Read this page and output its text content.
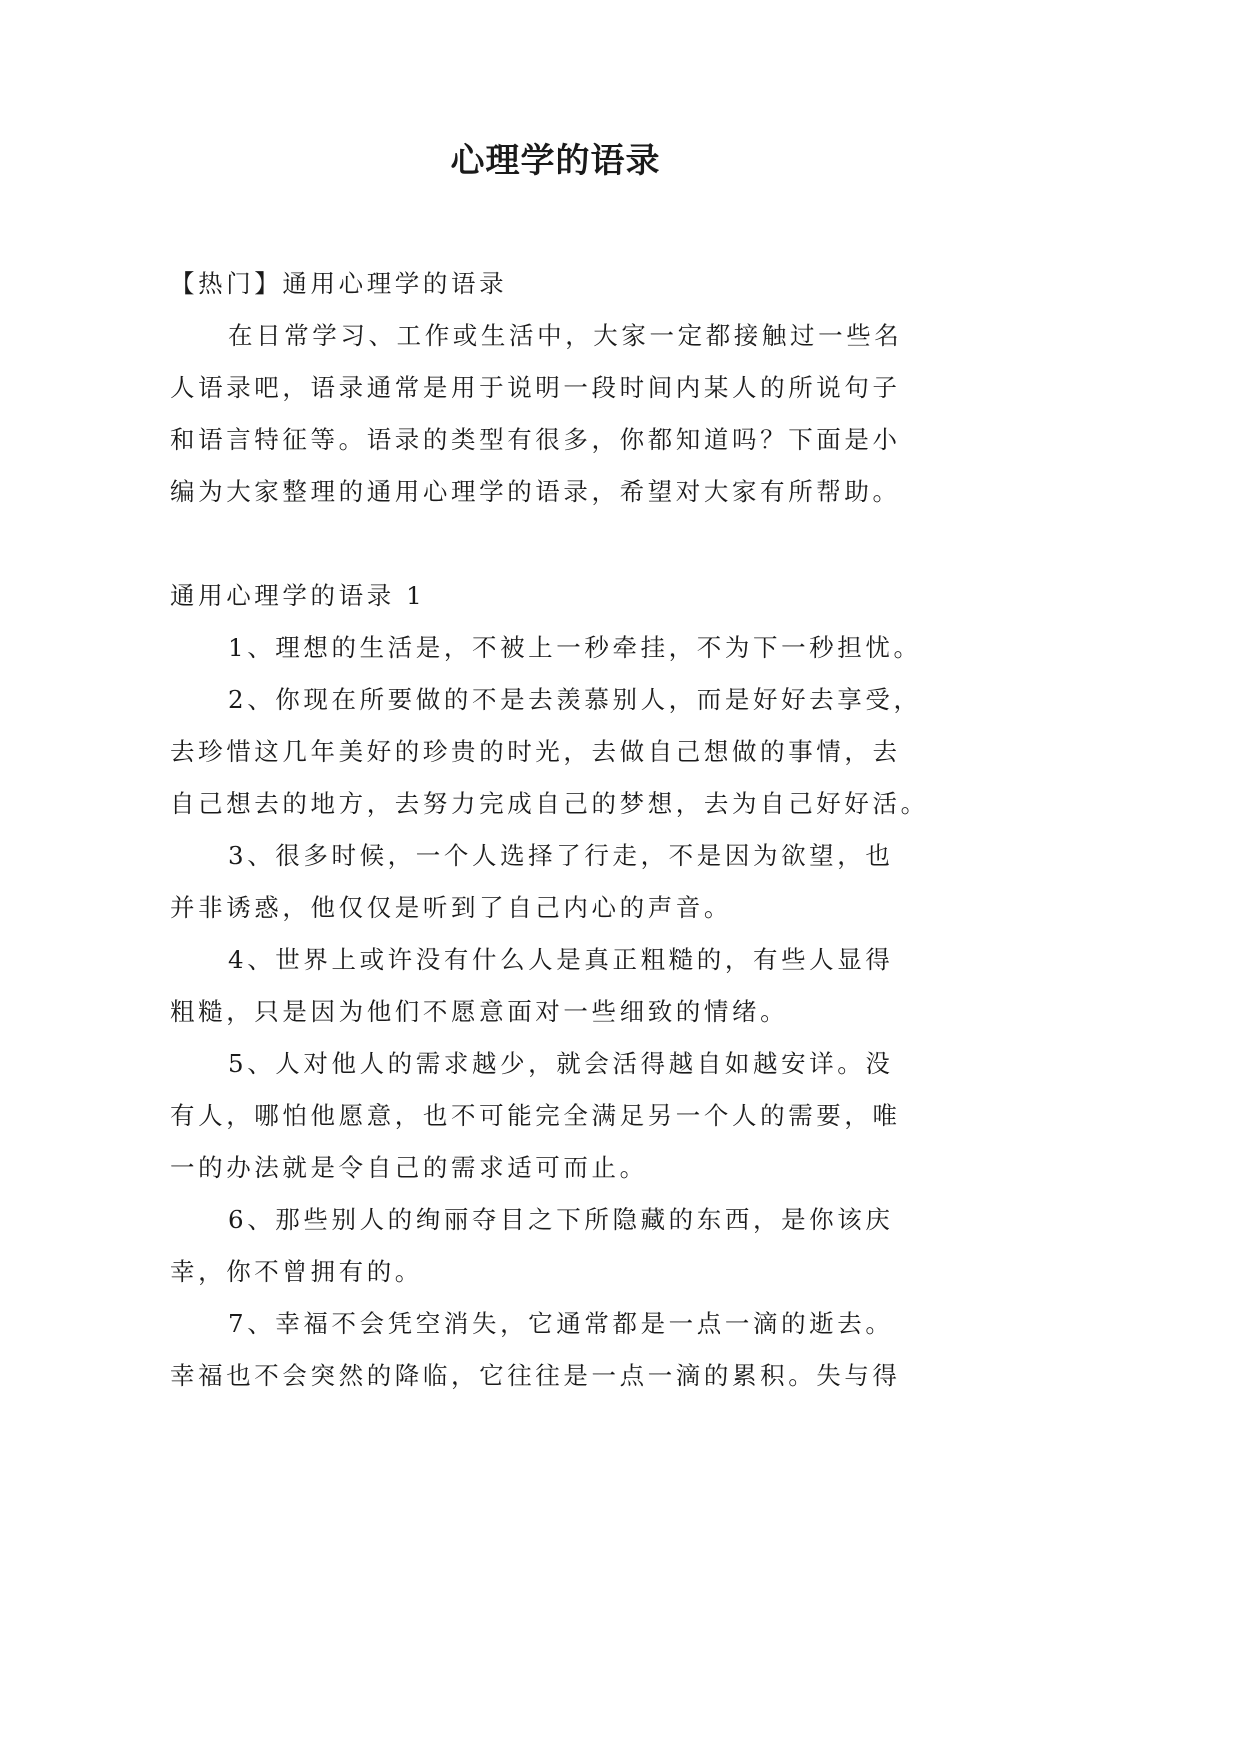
心理学的语录
【热门】通用心理学的语录
在日常学习、工作或生活中，大家一定都接触过一些名
人语录吧，语录通常是用于说明一段时间内某人的所说句子
和语言特征等。语录的类型有很多，你都知道吗？下面是小
编为大家整理的通用心理学的语录，希望对大家有所帮助。
通用心理学的语录 1
1、理想的生活是，不被上一秒牵挂，不为下一秒担忧。
2、你现在所要做的不是去羡慕别人，而是好好去享受，
去珍惜这几年美好的珍贵的时光，去做自己想做的事情，去
自己想去的地方，去努力完成自己的梦想，去为自己好好活。
3、很多时候，一个人选择了行走，不是因为欲望，也
并非诱惑，他仅仅是听到了自己内心的声音。
4、世界上或许没有什么人是真正粗糙的，有些人显得
粗糙，只是因为他们不愿意面对一些细致的情绪。
5、人对他人的需求越少，就会活得越自如越安详。没
有人，哪怕他愿意，也不可能完全满足另一个人的需要，唯
一的办法就是令自己的需求适可而止。
6、那些别人的绚丽夺目之下所隐藏的东西，是你该庆
幸，你不曾拥有的。
7、幸福不会凭空消失，它通常都是一点一滴的逝去。
幸福也不会突然的降临，它往往是一点一滴的累积。失与得
